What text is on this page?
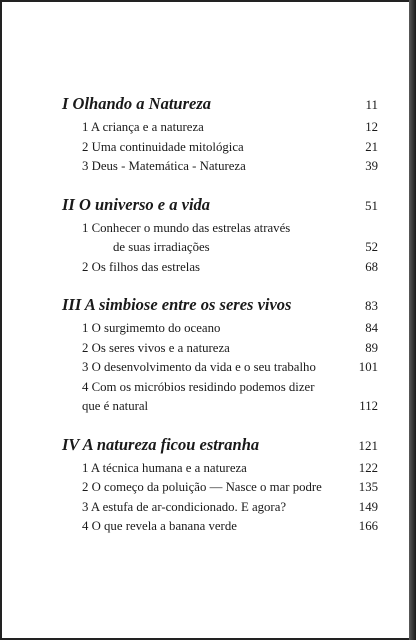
I Olhando a Natureza	11
1 A criança e a natureza	12
2 Uma continuidade mitológica	21
3 Deus - Matemática - Natureza	39
II O universo e a vida	51
1 Conhecer o mundo das estrelas através
de suas irradiações	52
2 Os filhos das estrelas	68
III A simbiose entre os seres vivos	83
1 O surgimemto do oceano	84
2 Os seres vivos e a natureza	89
3 O desenvolvimento da vida e o seu trabalho	101
4 Com os micróbios residindo podemos dizer
que é natural	112
IV A natureza ficou estranha	121
1 A técnica humana e a natureza	122
2 O começo da poluição — Nasce o mar podre	135
3 A estufa de ar-condicionado. E agora?	149
4 O que revela a banana verde	166
